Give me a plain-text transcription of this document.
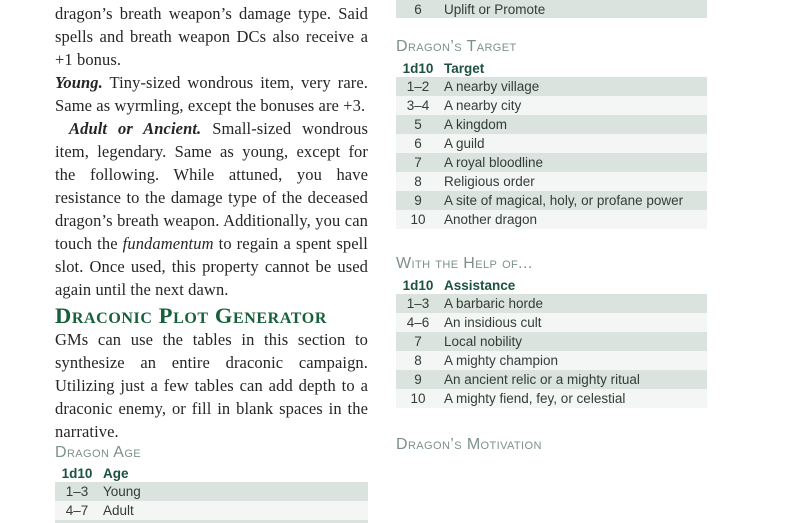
dragon’s breath weapon’s damage type. Said spells and breath weapon DCs also receive a +1 bonus.

Young. Tiny-sized wondrous item, very rare. Same as wyrmling, except the bonuses are +3.

Adult or Ancient. Small-sized wondrous item, legendary. Same as young, except for the following. While attuned, you have resistance to the damage type of the deceased dragon’s breath weapon. Additionally, you can touch the fundamentum to regain a spent spell slot. Once used, this property cannot be used again until the next dawn.

Draconic Plot Generator

GMs can use the tables in this section to synthesize an entire draconic campaign. Utilizing just a few tables can add depth to a draconic enemy, or fill in blank spaces in the narrative.

Dragon Age
1d10 Age
1–3	Young
4–7	Adult
6	Uplift or Promote
Dragon’s Target
1d10 Target
1–2	A nearby village
3–4	A nearby city
5	A kingdom
6	A guild
7	A royal bloodline
8	Religious order
9	A site of magical, holy, or profane power
10	Another dragon
With the Help of...
1d10 Assistance
1–3	A barbaric horde
4–6	An insidious cult
7	Local nobility
8	A mighty champion
9	An ancient relic or a mighty ritual
10	A mighty fiend, fey, or celestial
Dragon’s Motivation
